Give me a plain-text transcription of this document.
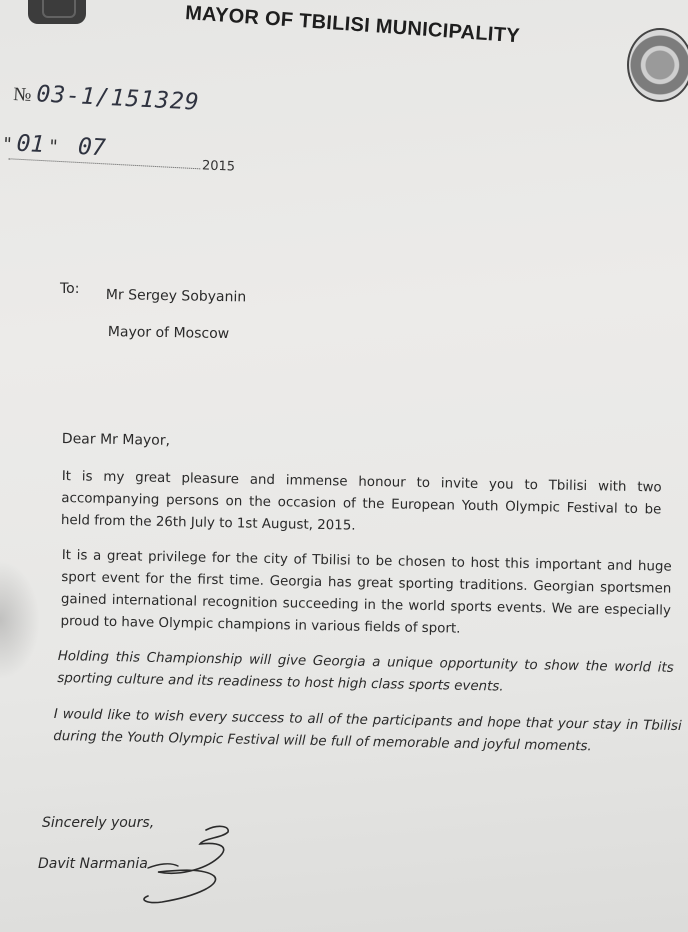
MAYOR OF TBILISI MUNICIPALITY
№ 03-1/151329
" 01 " 07
2015
To: Mr Sergey Sobyanin
Mayor of Moscow
Dear Mr Mayor,
It is my great pleasure and immense honour to invite you to Tbilisi with two accompanying persons on the occasion of the European Youth Olympic Festival to be held from the 26th July to 1st August, 2015.
It is a great privilege for the city of Tbilisi to be chosen to host this important and huge sport event for the first time. Georgia has great sporting traditions. Georgian sportsmen gained international recognition succeeding in the world sports events. We are especially proud to have Olympic champions in various fields of sport.
Holding this Championship will give Georgia a unique opportunity to show the world its sporting culture and its readiness to host high class sports events.
I would like to wish every success to all of the participants and hope that your stay in Tbilisi during the Youth Olympic Festival will be full of memorable and joyful moments.
Sincerely yours,
Davit Narmania
